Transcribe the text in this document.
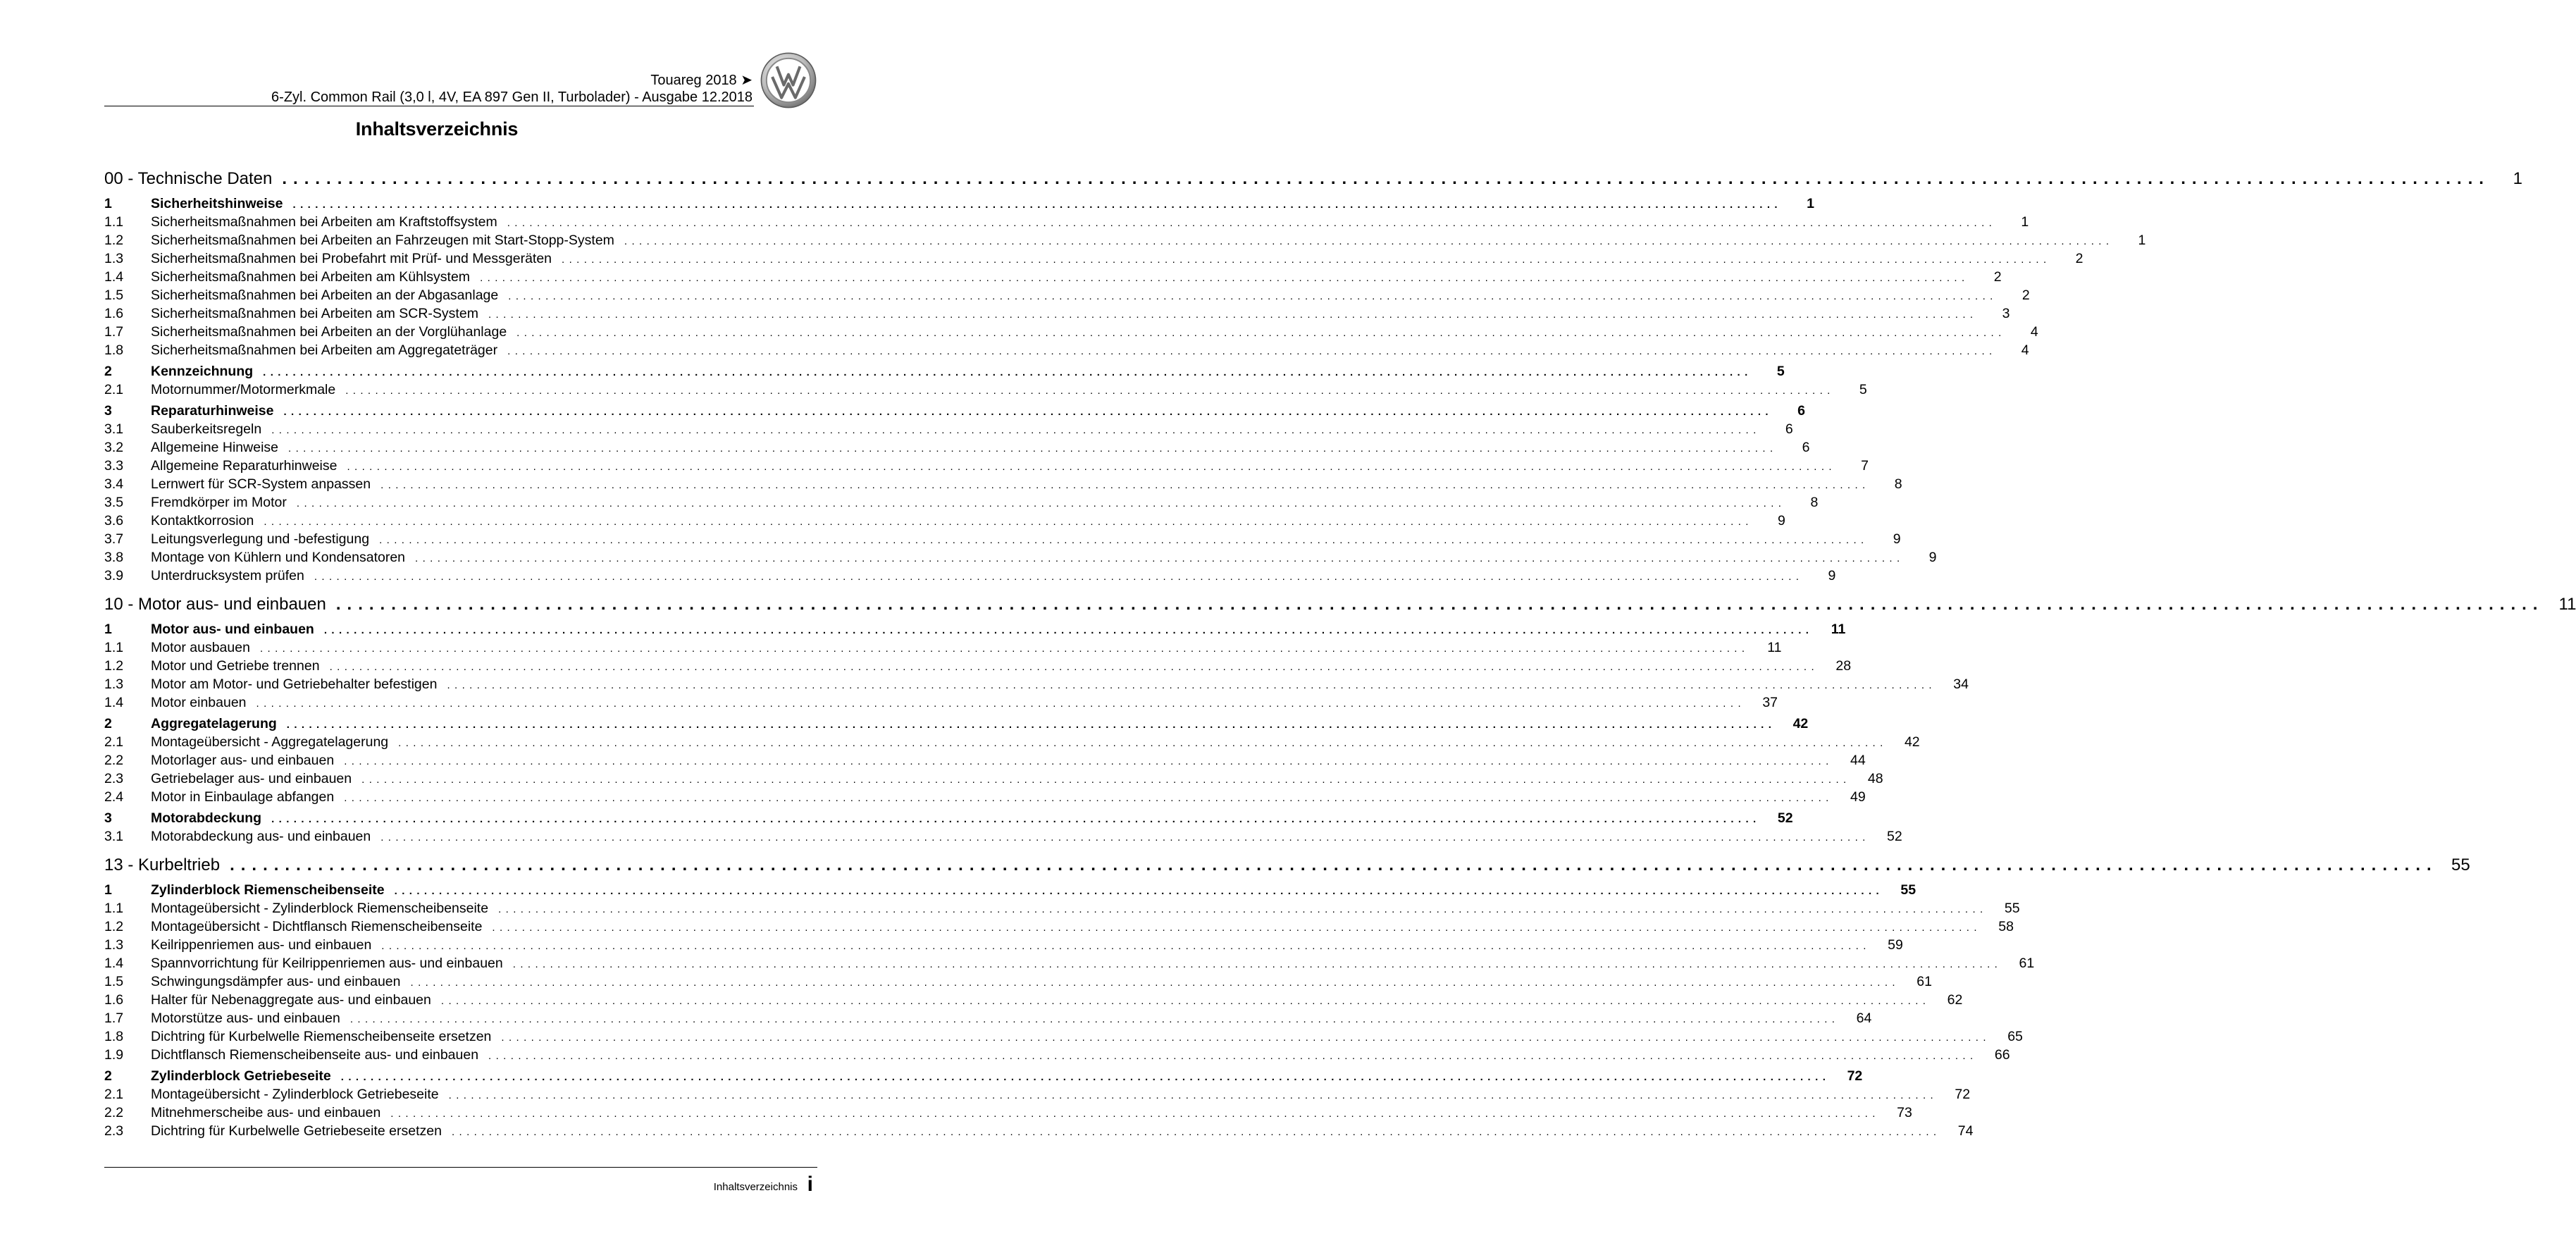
Touareg 2018 ➤
6-Zyl. Common Rail (3,0 l, 4V, EA 897 Gen II, Turbolader) - Ausgabe 12.2018
Inhaltsverzeichnis
00 - Technische Daten ........................................................................................................................................................................................................	1
1	Sicherheitshinweise ........................................................................................................................................................................................................	1
1.1	Sicherheitsmaßnahmen bei Arbeiten am Kraftstoffsystem ........................................................................................................................................................................................................	1
1.2	Sicherheitsmaßnahmen bei Arbeiten an Fahrzeugen mit Start-Stopp-System ........................................................................................................................................................................................................	1
1.3	Sicherheitsmaßnahmen bei Probefahrt mit Prüf- und Messgeräten ........................................................................................................................................................................................................	2
1.4	Sicherheitsmaßnahmen bei Arbeiten am Kühlsystem ........................................................................................................................................................................................................	2
1.5	Sicherheitsmaßnahmen bei Arbeiten an der Abgasanlage ........................................................................................................................................................................................................	2
1.6	Sicherheitsmaßnahmen bei Arbeiten am SCR-System ........................................................................................................................................................................................................	3
1.7	Sicherheitsmaßnahmen bei Arbeiten an der Vorglühanlage ........................................................................................................................................................................................................	4
1.8	Sicherheitsmaßnahmen bei Arbeiten am Aggregateträger ........................................................................................................................................................................................................	4
2	Kennzeichnung ........................................................................................................................................................................................................	5
2.1	Motornummer/Motormerkmale ........................................................................................................................................................................................................	5
3	Reparaturhinweise ........................................................................................................................................................................................................	6
3.1	Sauberkeitsregeln ........................................................................................................................................................................................................	6
3.2	Allgemeine Hinweise ........................................................................................................................................................................................................	6
3.3	Allgemeine Reparaturhinweise ........................................................................................................................................................................................................	7
3.4	Lernwert für SCR-System anpassen ........................................................................................................................................................................................................	8
3.5	Fremdkörper im Motor ........................................................................................................................................................................................................	8
3.6	Kontaktkorrosion ........................................................................................................................................................................................................	9
3.7	Leitungsverlegung und -befestigung ........................................................................................................................................................................................................	9
3.8	Montage von Kühlern und Kondensatoren ........................................................................................................................................................................................................	9
3.9	Unterdrucksystem prüfen ........................................................................................................................................................................................................	9
10 - Motor aus- und einbauen ........................................................................................................................................................................................................ 11
1	Motor aus- und einbauen ........................................................................................................................................................................................................	11
1.1	Motor ausbauen ........................................................................................................................................................................................................	11
1.2	Motor und Getriebe trennen ........................................................................................................................................................................................................	28
1.3	Motor am Motor- und Getriebehalter befestigen ........................................................................................................................................................................................................	34
1.4	Motor einbauen ........................................................................................................................................................................................................	37
2	Aggregatelagerung ........................................................................................................................................................................................................	42
2.1	Montageübersicht - Aggregatelagerung ........................................................................................................................................................................................................	42
2.2	Motorlager aus- und einbauen ........................................................................................................................................................................................................	44
2.3	Getriebelager aus- und einbauen ........................................................................................................................................................................................................	48
2.4	Motor in Einbaulage abfangen ........................................................................................................................................................................................................	49
3	Motorabdeckung ........................................................................................................................................................................................................	52
3.1	Motorabdeckung aus- und einbauen ........................................................................................................................................................................................................	52
13 - Kurbeltrieb ........................................................................................................................................................................................................ 55
1	Zylinderblock Riemenscheibenseite ........................................................................................................................................................................................................	55
1.1	Montageübersicht - Zylinderblock Riemenscheibenseite ........................................................................................................................................................................................................	55
1.2	Montageübersicht - Dichtflansch Riemenscheibenseite ........................................................................................................................................................................................................	58
1.3	Keilrippenriemen aus- und einbauen ........................................................................................................................................................................................................	59
1.4	Spannvorrichtung für Keilrippenriemen aus- und einbauen ........................................................................................................................................................................................................	61
1.5	Schwingungsdämpfer aus- und einbauen ........................................................................................................................................................................................................	61
1.6	Halter für Nebenaggregate aus- und einbauen ........................................................................................................................................................................................................	62
1.7	Motorstütze aus- und einbauen ........................................................................................................................................................................................................	64
1.8	Dichtring für Kurbelwelle Riemenscheibenseite ersetzen ........................................................................................................................................................................................................	65
1.9	Dichtflansch Riemenscheibenseite aus- und einbauen ........................................................................................................................................................................................................	66
2	Zylinderblock Getriebeseite ........................................................................................................................................................................................................	72
2.1	Montageübersicht - Zylinderblock Getriebeseite ........................................................................................................................................................................................................	72
2.2	Mitnehmerscheibe aus- und einbauen ........................................................................................................................................................................................................	73
2.3	Dichtring für Kurbelwelle Getriebeseite ersetzen ........................................................................................................................................................................................................	74
Inhaltsverzeichnis i
